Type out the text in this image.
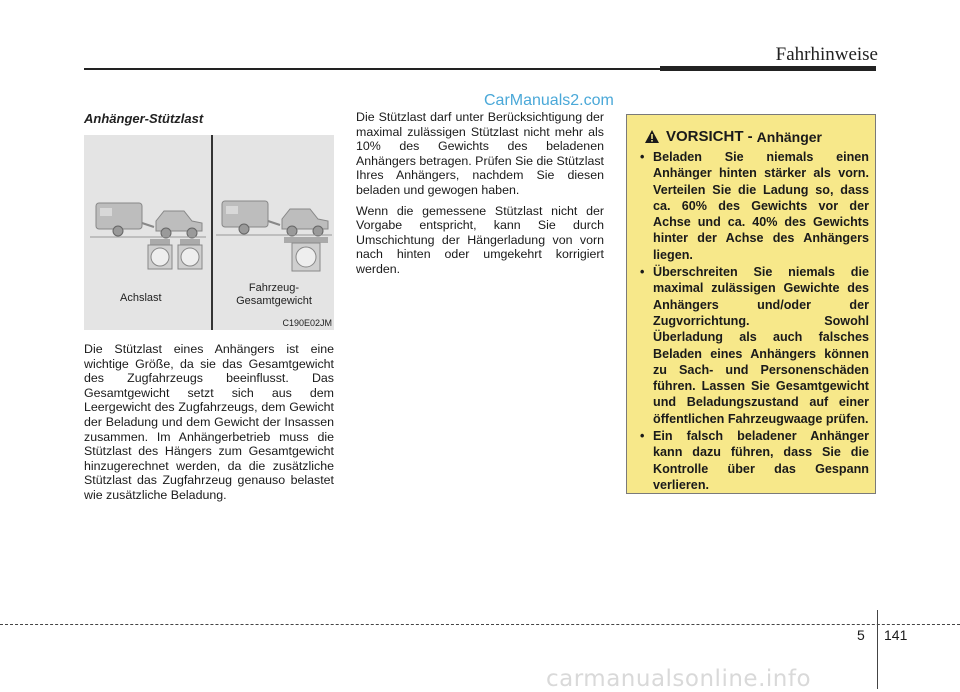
Fahrhinweise
CarManuals2.com
Anhänger-Stützlast
Achslast
Fahrzeug-
Gesamtgewicht
C190E02JM

Die Stützlast eines Anhängers ist eine wichtige Größe, da sie das Gesamtgewicht des Zugfahrzeugs beeinflusst. Das Gesamtgewicht setzt sich aus dem Leergewicht des Zugfahrzeugs, dem Gewicht der Beladung und dem Gewicht der Insassen zusammen. Im Anhängerbetrieb muss die Stützlast des Hängers zum Gesamtgewicht hinzugerechnet werden, da die zusätzliche Stützlast das Zugfahrzeug genauso belastet wie zusätzliche Beladung.

Die Stützlast darf unter Berücksichtigung der maximal zulässigen Stützlast nicht mehr als 10% des Gewichts des beladenen Anhängers betragen. Prüfen Sie die Stützlast Ihres Anhängers, nachdem Sie diesen beladen und gewogen haben.

Wenn die gemessene Stützlast nicht der Vorgabe entspricht, kann Sie durch Umschichtung der Hängerladung von vorn nach hinten oder umgekehrt korrigiert werden.

VORSICHT - Anhänger
• Beladen Sie niemals einen Anhänger hinten stärker als vorn. Verteilen Sie die Ladung so, dass ca. 60% des Gewichts vor der Achse und ca. 40% des Gewichts hinter der Achse des Anhängers liegen.
• Überschreiten Sie niemals die maximal zulässigen Gewichte des Anhängers und/oder der Zugvorrichtung. Sowohl Überladung als auch falsches Beladen eines Anhängers können zu Sach- und Personenschäden führen. Lassen Sie Gesamtgewicht und Beladungszustand auf einer öffentlichen Fahrzeugwaage prüfen.
• Ein falsch beladener Anhänger kann dazu führen, dass Sie die Kontrolle über das Gespann verlieren.
5 141
carmanualsonline.info
